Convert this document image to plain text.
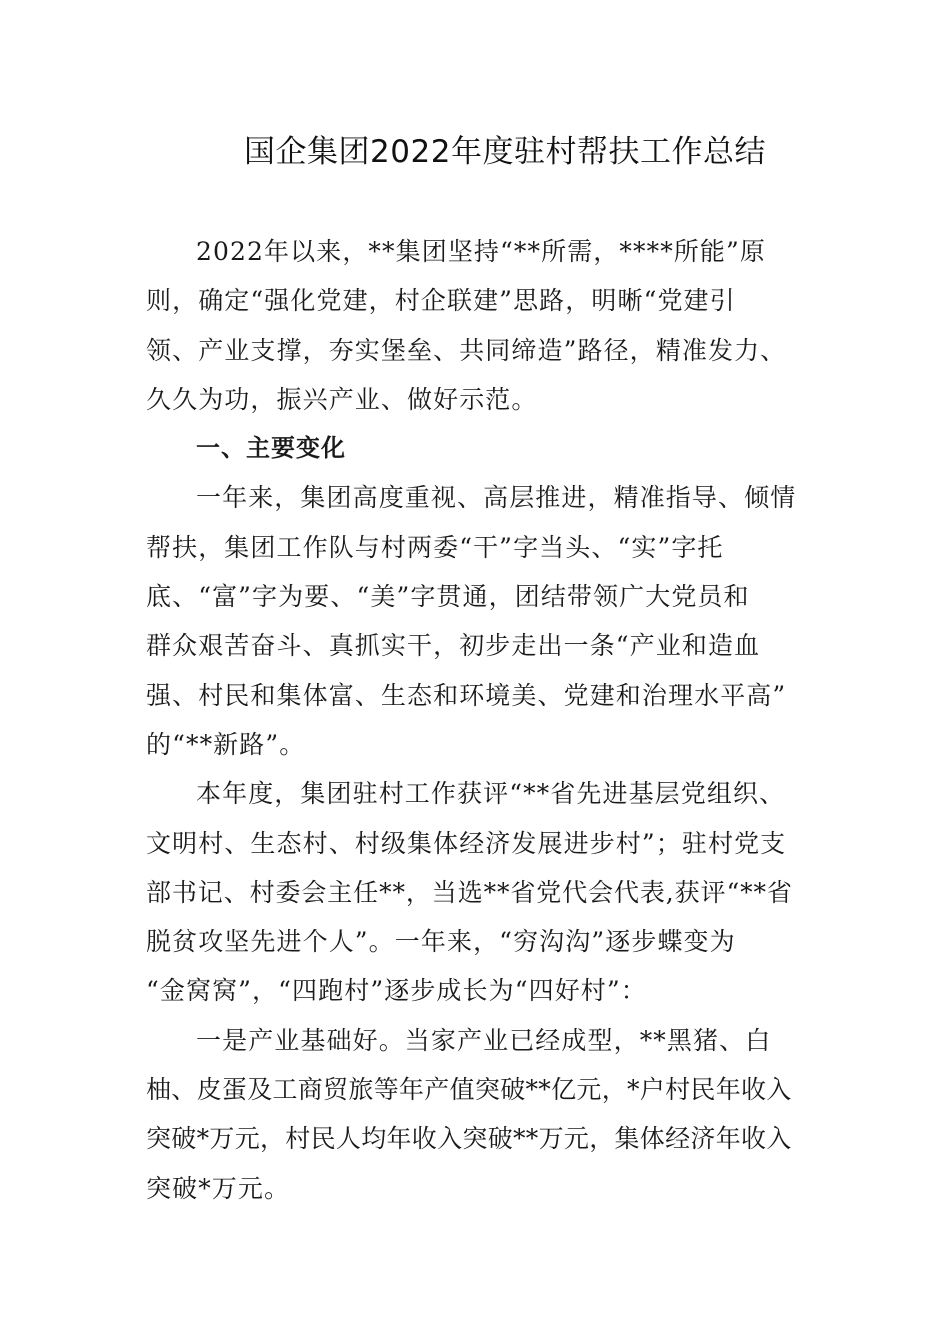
国企集团2022年度驻村帮扶工作总结

2022年以来，**集团坚持“**所需，****所能”原
则，确定“强化党建，村企联建”思路，明晰“党建引
领、产业支撑，夯实堡垒、共同缔造”路径，精准发力、
久久为功，振兴产业、做好示范。

一、主要变化

一年来，集团高度重视、高层推进，精准指导、倾情
帮扶，集团工作队与村两委“干”字当头、“实”字托
底、“富”字为要、“美”字贯通，团结带领广大党员和
群众艰苦奋斗、真抓实干，初步走出一条“产业和造血
强、村民和集体富、生态和环境美、党建和治理水平高”
的“**新路”。

本年度，集团驻村工作获评“**省先进基层党组织、
文明村、生态村、村级集体经济发展进步村”；驻村党支
部书记、村委会主任**，当选**省党代会代表,获评“**省
脱贫攻坚先进个人”。一年来，“穷沟沟”逐步蝶变为
“金窝窝”，“四跑村”逐步成长为“四好村”：

一是产业基础好。当家产业已经成型，**黑猪、白
柚、皮蛋及工商贸旅等年产值突破**亿元，*户村民年收入
突破*万元，村民人均年收入突破**万元，集体经济年收入
突破*万元。
